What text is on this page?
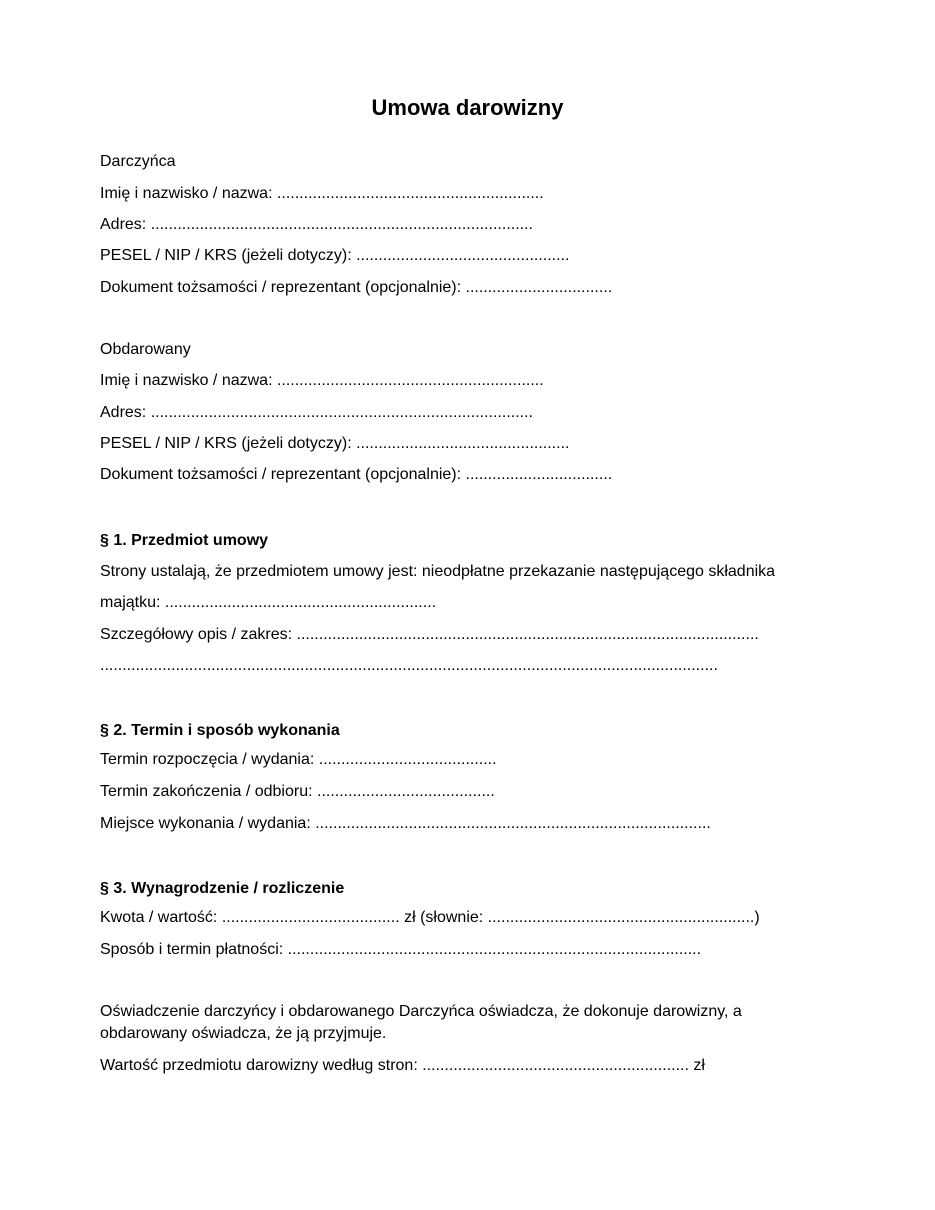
Umowa darowizny
Darczyńca
Imię i nazwisko / nazwa: ............................................................
Adres: ......................................................................................
PESEL / NIP / KRS (jeżeli dotyczy): ................................................
Dokument tożsamości / reprezentant (opcjonalnie): .................................
Obdarowany
Imię i nazwisko / nazwa: ............................................................
Adres: ......................................................................................
PESEL / NIP / KRS (jeżeli dotyczy): ................................................
Dokument tożsamości / reprezentant (opcjonalnie): .................................
§ 1. Przedmiot umowy
Strony ustalają, że przedmiotem umowy jest: nieodpłatne przekazanie następującego składnika
majątku: .............................................................
Szczegółowy opis / zakres: ........................................................................................................
...........................................................................................................................................
§ 2. Termin i sposób wykonania
Termin rozpoczęcia / wydania: ........................................
Termin zakończenia / odbioru: ........................................
Miejsce wykonania / wydania: .........................................................................................
§ 3. Wynagrodzenie / rozliczenie
Kwota / wartość: ........................................ zł (słownie: ............................................................)
Sposób i termin płatności: .............................................................................................
Oświadczenie darczyńcy i obdarowanego Darczyńca oświadcza, że dokonuje darowizny, a obdarowany oświadcza, że ją przyjmuje.
Wartość przedmiotu darowizny według stron: ............................................................ zł
